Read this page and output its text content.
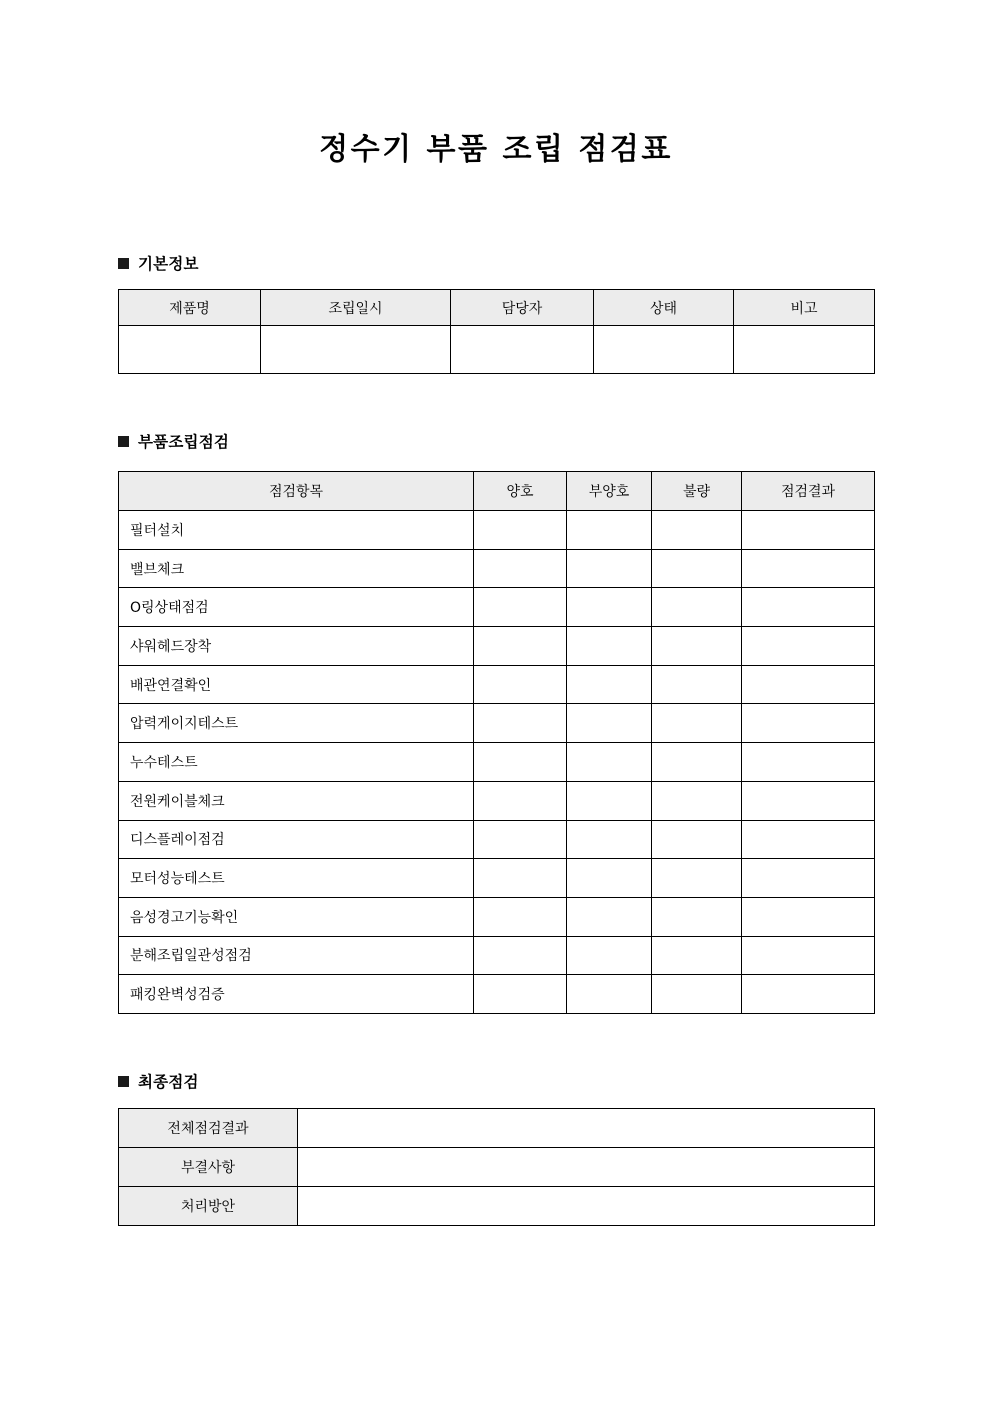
정수기 부품 조립 점검표
기본정보
제품명	조립일시	담당자	상태	비고

부품조립점검
점검항목	양호	부양호	불량	점검결과
필터설치				
밸브체크				
O링상태점검				
샤워헤드장착				
배관연결확인				
압력게이지테스트				
누수테스트				
전원케이블체크				
디스플레이점검				
모터성능테스트				
음성경고기능확인				
분해조립일관성점검				
패킹완벽성검증				
최종점검
전체점검결과	
부결사항	
처리방안	
